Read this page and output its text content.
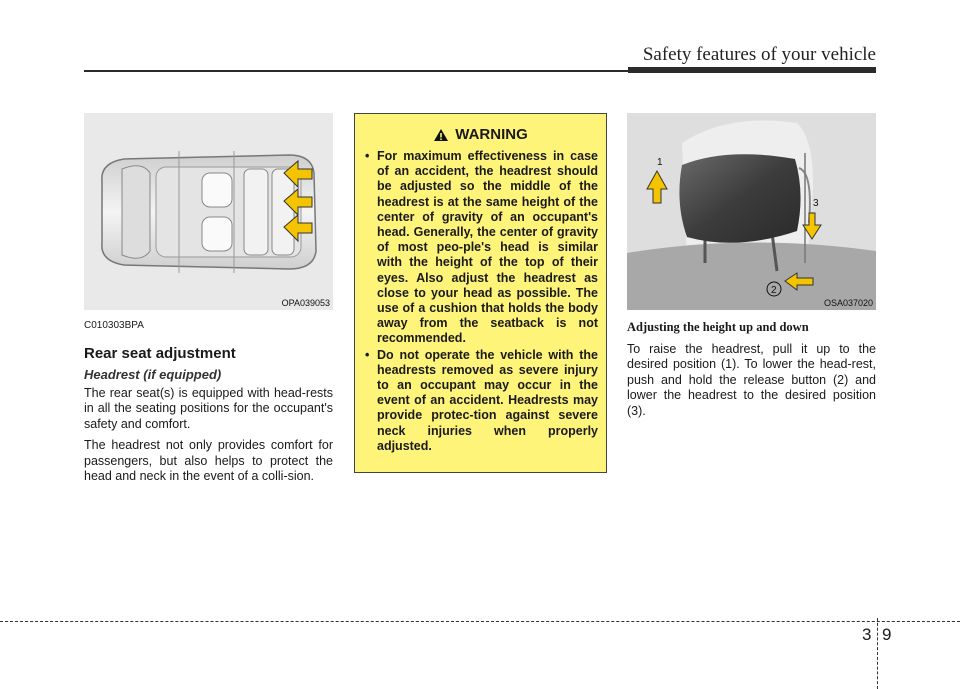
Safety features of your vehicle
OPA039053
C010303BPA
Rear seat adjustment
Headrest (if equipped)

The rear seat(s) is equipped with head-rests in all the seating positions for the occupant's safety and comfort.

The headrest not only provides comfort for passengers, but also helps to protect the head and neck in the event of a colli-sion.

WARNING
• For maximum effectiveness in case of an accident, the headrest should be adjusted so the middle of the headrest is at the same height of the center of gravity of an occupant's head. Generally, the center of gravity of most peo-ple's head is similar with the height of the top of their eyes. Also adjust the headrest as close to your head as possible. The use of a cushion that holds the body away from the seatback is not recommended.
• Do not operate the vehicle with the headrests removed as severe injury to an occupant may occur in the event of an accident. Headrests may provide protec-tion against severe neck injuries when properly adjusted.
1
3
2
OSA037020
Adjusting the height up and down

To raise the headrest, pull it up to the desired position (1). To lower the head-rest, push and hold the release button (2) and lower the headrest to the desired position (3).

3 9
